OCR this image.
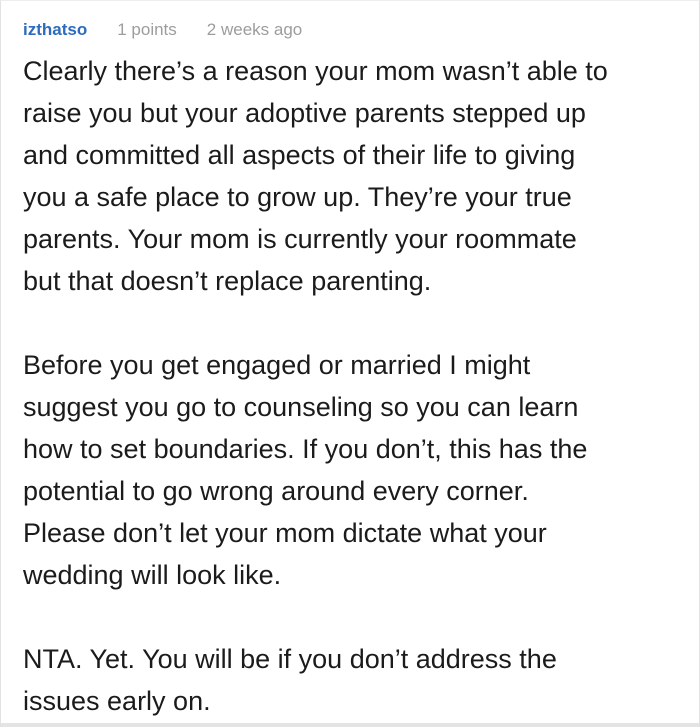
izthatso 1 points 2 weeks ago

Clearly there’s a reason your mom wasn’t able to
raise you but your adoptive parents stepped up
and committed all aspects of their life to giving
you a safe place to grow up. They’re your true
parents. Your mom is currently your roommate
but that doesn’t replace parenting.

Before you get engaged or married I might
suggest you go to counseling so you can learn
how to set boundaries. If you don’t, this has the
potential to go wrong around every corner.
Please don’t let your mom dictate what your
wedding will look like.

NTA. Yet. You will be if you don’t address the
issues early on.
